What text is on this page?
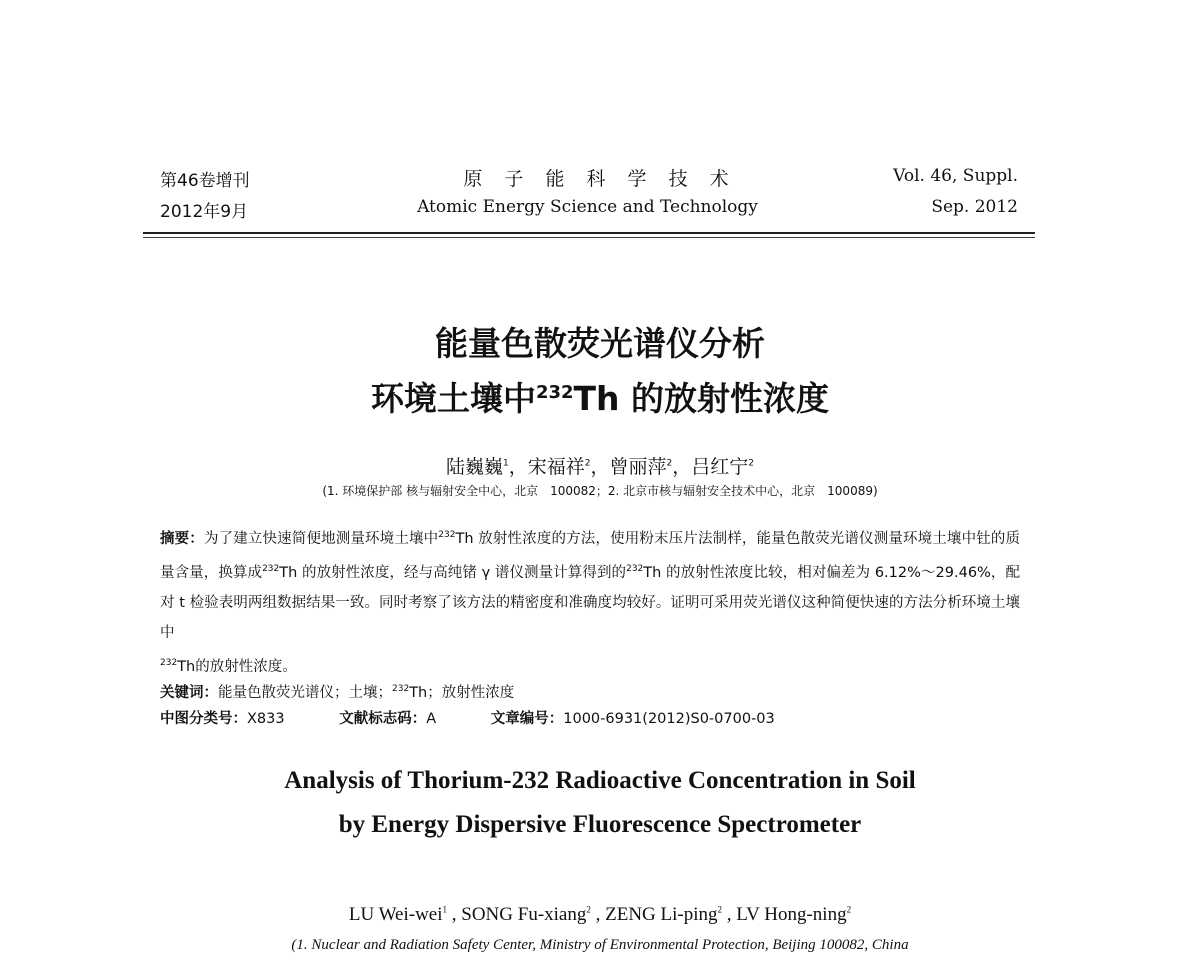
第46卷增刊
2012年9月
原 子 能 科 学 技 术
Atomic Energy Science and Technology
Vol. 46, Suppl.
Sep. 2012
能量色散荧光谱仪分析
环境土壤中$^{232}$Th 的放射性浓度
陆巍巍$^1$，宋福祥$^2$，曾丽萍$^2$，吕红宁$^2$
(1. 环境保护部 核与辐射安全中心，北京　100082；2. 北京市核与辐射安全技术中心，北京　100089)
摘要：为了建立快速简便地测量环境土壤中$^{232}$Th 放射性浓度的方法，使用粉末压片法制样，能量色散荧光谱仪测量环境土壤中钍的质量含量，换算成$^{232}$Th 的放射性浓度，经与高纯锗 γ 谱仪测量计算得到的$^{232}$Th 的放射性浓度比较，相对偏差为 6.12%～29.46%，配对 t 检验表明两组数据结果一致。同时考察了该方法的精密度和准确度均较好。证明可采用荧光谱仪这种简便快速的方法分析环境土壤中
$^{232}$Th的放射性浓度。
关键词：能量色散荧光谱仪；土壤；$^{232}$Th；放射性浓度
中图分类号：X833	文献标志码：A	文章编号：1000-6931(2012)S0-0700-03
Analysis of Thorium-232 Radioactive Concentration in Soil
by Energy Dispersive Fluorescence Spectrometer
LU Wei-wei$^1$ , SONG Fu-xiang$^2$ , ZENG Li-ping$^2$ , LV Hong-ning$^2$
(1. Nuclear and Radiation Safety Center, Ministry of Environmental Protection, Beijing 100082, China
